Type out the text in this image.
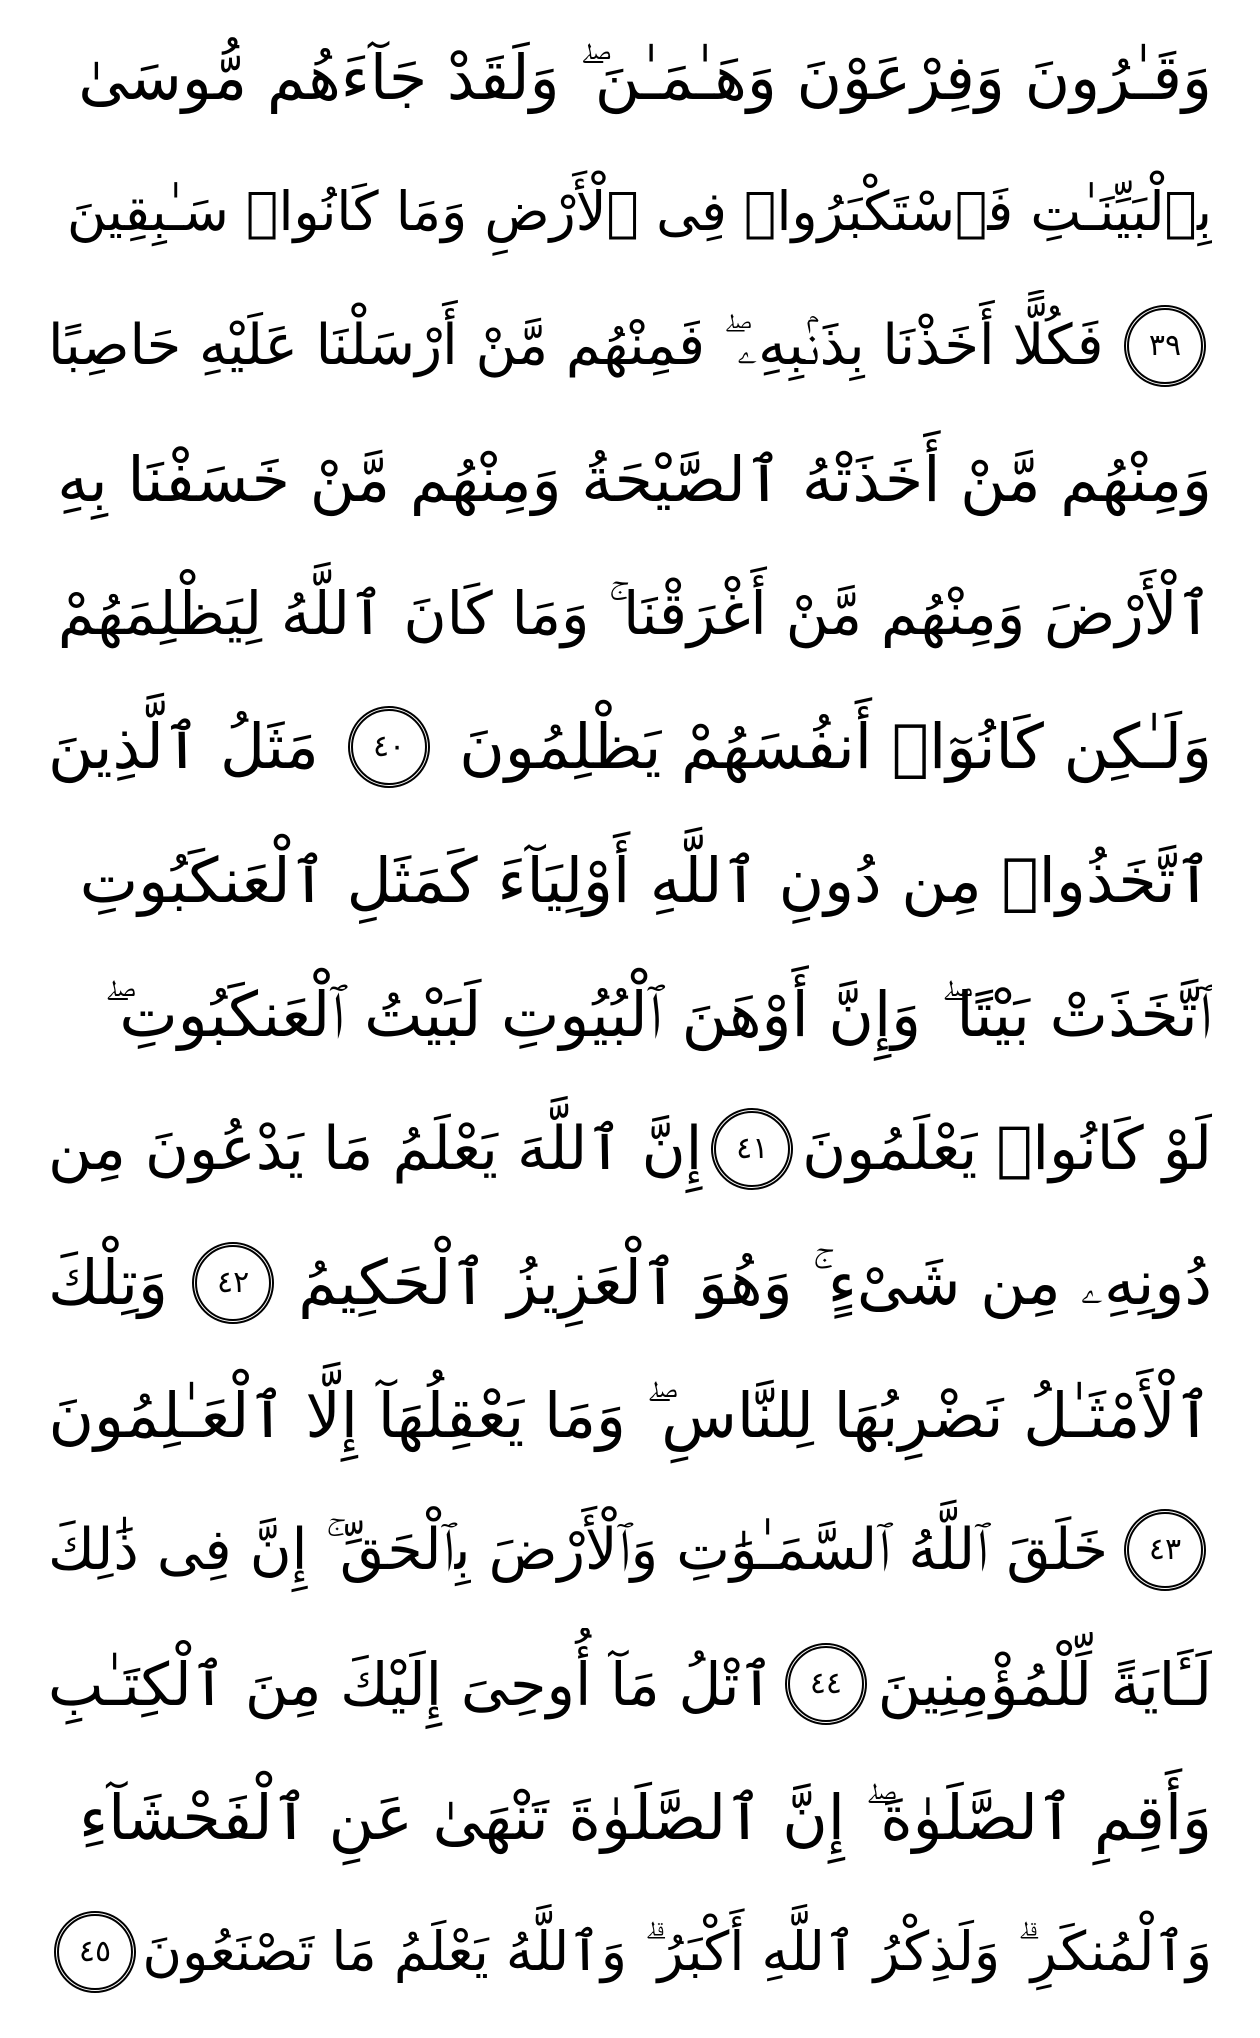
وَقَـٰرُونَ وَفِرْعَوْنَ وَهَـٰمَـٰنَ ۖ وَلَقَدْ جَآءَهُم مُّوسَىٰ
بِٱلْبَيِّنَـٰتِ فَٱسْتَكْبَرُوا۟ فِى ٱلْأَرْضِ وَمَا كَانُوا۟ سَـٰبِقِينَ
٣٩
فَكُلًّا أَخَذْنَا بِذَنۢبِهِۦ ۖ فَمِنْهُم مَّنْ أَرْسَلْنَا عَلَيْهِ حَاصِبًا
وَمِنْهُم مَّنْ أَخَذَتْهُ ٱلصَّيْحَةُ وَمِنْهُم مَّنْ خَسَفْنَا بِهِ
ٱلْأَرْضَ وَمِنْهُم مَّنْ أَغْرَقْنَا ۚ وَمَا كَانَ ٱللَّهُ لِيَظْلِمَهُمْ
وَلَـٰكِن كَانُوٓا۟ أَنفُسَهُمْ يَظْلِمُونَ
٤٠
مَثَلُ ٱلَّذِينَ
ٱتَّخَذُوا۟ مِن دُونِ ٱللَّهِ أَوْلِيَآءَ كَمَثَلِ ٱلْعَنكَبُوتِ
ٱتَّخَذَتْ بَيْتًا ۖ وَإِنَّ أَوْهَنَ ٱلْبُيُوتِ لَبَيْتُ ٱلْعَنكَبُوتِ ۖ
لَوْ كَانُوا۟ يَعْلَمُونَ
٤١
إِنَّ ٱللَّهَ يَعْلَمُ مَا يَدْعُونَ مِن
دُونِهِۦ مِن شَىْءٍ ۚ وَهُوَ ٱلْعَزِيزُ ٱلْحَكِيمُ
٤٢
وَتِلْكَ
ٱلْأَمْثَـٰلُ نَضْرِبُهَا لِلنَّاسِ ۖ وَمَا يَعْقِلُهَآ إِلَّا ٱلْعَـٰلِمُونَ
٤٣
خَلَقَ ٱللَّهُ ٱلسَّمَـٰوَٰتِ وَٱلْأَرْضَ بِٱلْحَقِّ ۚ إِنَّ فِى ذَٰلِكَ
لَـَٔايَةً لِّلْمُؤْمِنِينَ
٤٤
ٱتْلُ مَآ أُوحِىَ إِلَيْكَ مِنَ ٱلْكِتَـٰبِ
وَأَقِمِ ٱلصَّلَوٰةَ ۖ إِنَّ ٱلصَّلَوٰةَ تَنْهَىٰ عَنِ ٱلْفَحْشَآءِ
وَٱلْمُنكَرِ ۗ وَلَذِكْرُ ٱللَّهِ أَكْبَرُ ۗ وَٱللَّهُ يَعْلَمُ مَا تَصْنَعُونَ
٤٥
